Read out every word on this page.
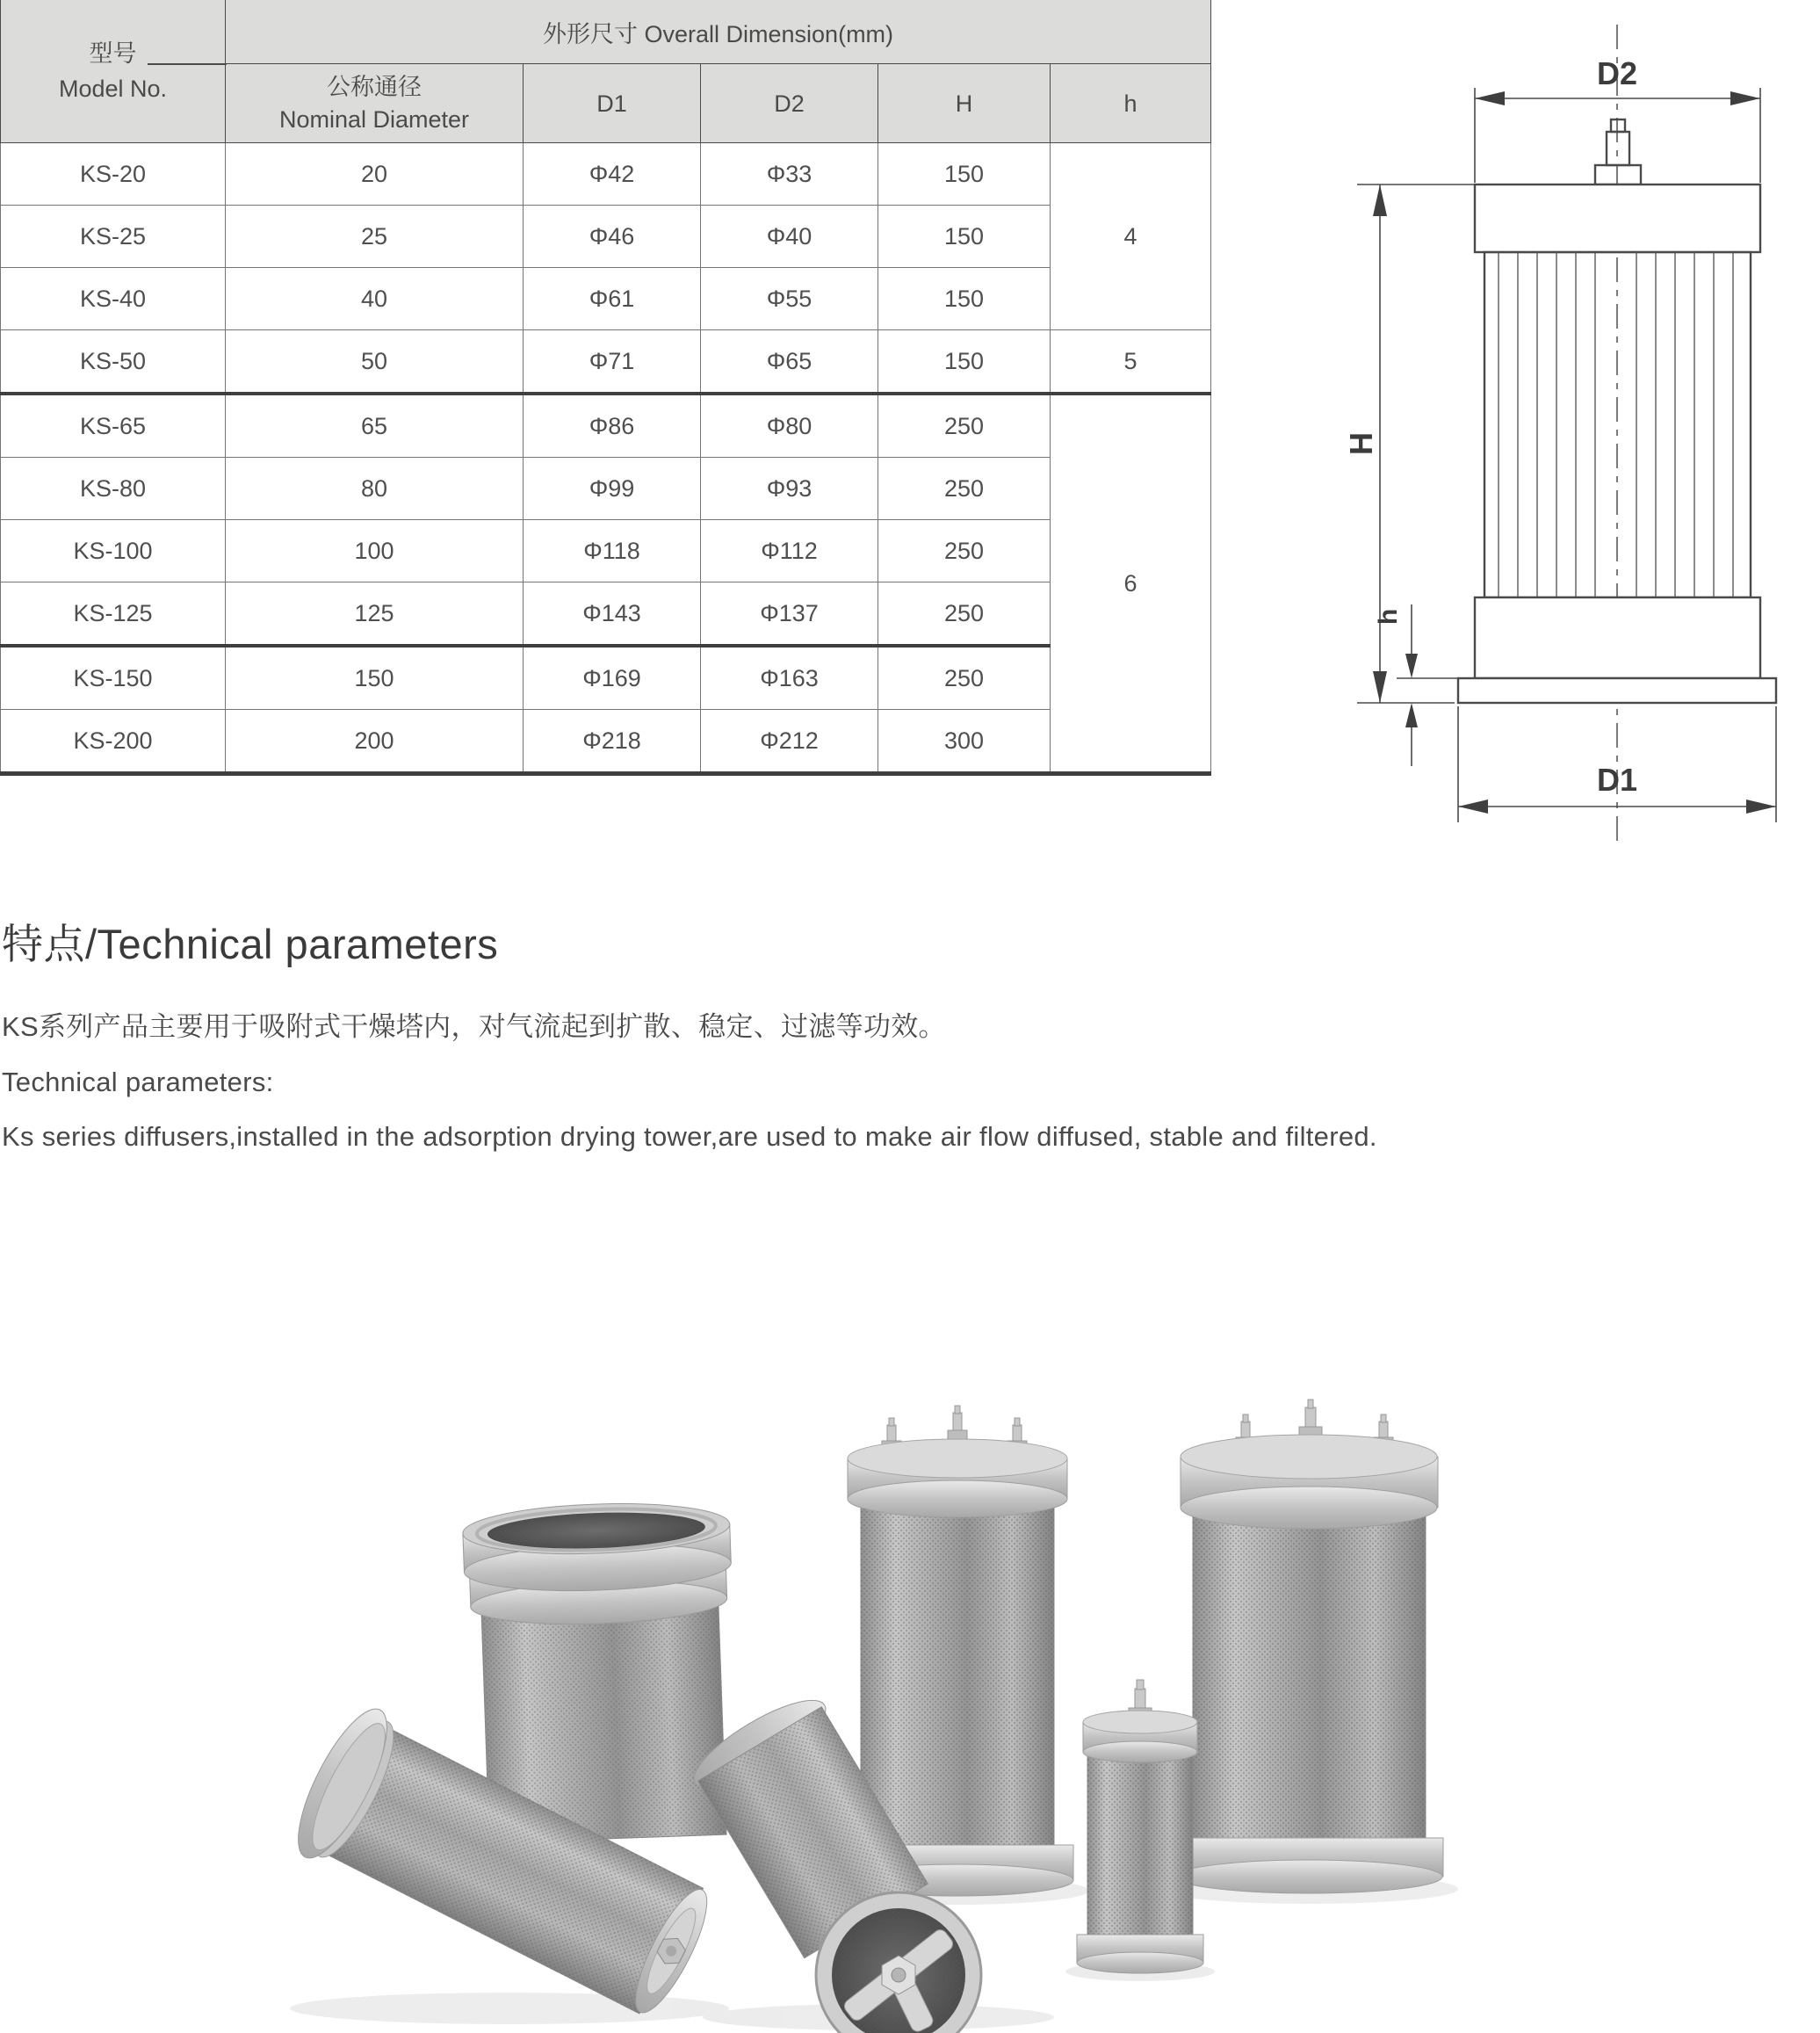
型号
Model No.	外形尺寸 Overall Dimension(mm)				

	公称通径
Nominal Diameter	D1	D2	H	h
KS-20	20	Φ42	Φ33	150	4
KS-25	25	Φ46	Φ40	150	
KS-40	40	Φ61	Φ55	150	
KS-50	50	Φ71	Φ65	150	5
KS-65	65	Φ86	Φ80	250	6
KS-80	80	Φ99	Φ93	250	
KS-100	100	Φ118	Φ112	250	
KS-125	125	Φ143	Φ137	250	
KS-150	150	Φ169	Φ163	250	
KS-200	200	Φ218	Φ212	300	
D2
D1
H
h
特点/Technical parameters

KS系列产品主要用于吸附式干燥塔内，对气流起到扩散、稳定、过滤等功效。

Technical parameters:

Ks series diffusers,installed in the adsorption drying tower,are used to make air flow diffused, stable and filtered.
